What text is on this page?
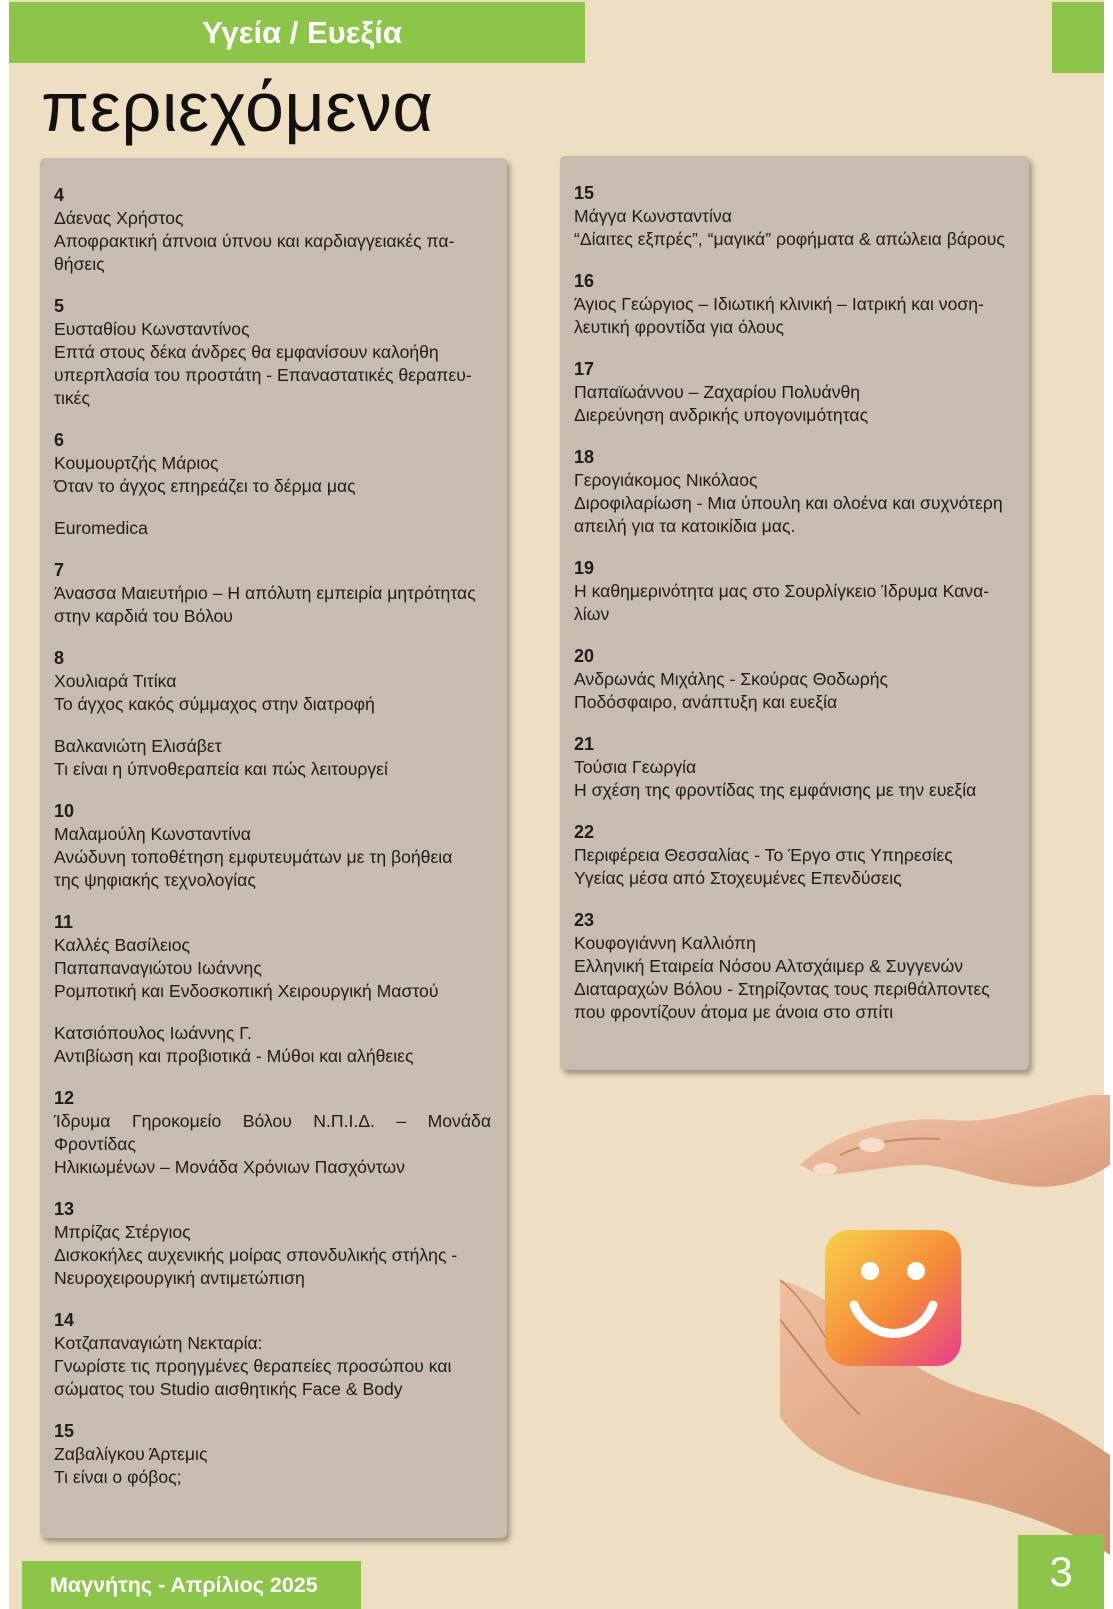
Υγεία / Ευεξία
περιεχόμενα
4
Δάενας Χρήστος
Αποφρακτική άπνοια ύπνου και καρδιαγγειακές πα-
θήσεις
5
Ευσταθίου Κωνσταντίνος
Επτά στους δέκα άνδρες θα εμφανίσουν καλοήθη
υπερπλασία του προστάτη - Επαναστατικές θεραπευ-
τικές
6
Κουμουρτζής Μάριος
Όταν το άγχος επηρεάζει το δέρμα μας
Euromedica
7
Άνασσα Μαιευτήριο – Η απόλυτη εμπειρία μητρότητας
στην καρδιά του Βόλου
8
Χουλιαρά Τιτίκα
Το άγχος κακός σύμμαχος στην διατροφή
Βαλκανιώτη Ελισάβετ
Τι είναι η ύπνοθεραπεία και πώς λειτουργεί
10
Μαλαμούλη Κωνσταντίνα
Ανώδυνη τοποθέτηση εμφυτευμάτων με τη βοήθεια
της ψηφιακής τεχνολογίας
11
Καλλές Βασίλειος
Παπαπαναγιώτου Ιωάννης
Ρομποτική και Ενδοσκοπική Χειρουργική Μαστού
Κατσιόπουλος Ιωάννης Γ.
Αντιβίωση και προβιοτικά - Μύθοι και αλήθειες
12
Ίδρυμα Γηροκομείο Βόλου Ν.Π.Ι.Δ. – Μονάδα Φροντίδας
Ηλικιωμένων – Μονάδα Χρόνιων Πασχόντων
13
Μπρίζας Στέργιος
Δισκοκήλες αυχενικής μοίρας σπονδυλικής στήλης -
Νευροχειρουργική αντιμετώπιση
14
Κοτζαπαναγιώτη Νεκταρία:
Γνωρίστε τις προηγμένες θεραπείες προσώπου και
σώματος του Studio αισθητικής Face & Body
15
Ζαβαλίγκου Άρτεμις
Τι είναι ο φόβος;
15
Μάγγα Κωνσταντίνα
“Δίαιτες εξπρές”, “μαγικά” ροφήματα & απώλεια βάρους
16
Άγιος Γεώργιος – Ιδιωτική κλινική – Ιατρική και νοση-
λευτική φροντίδα για όλους
17
Παπαϊωάννου – Ζαχαρίου Πολυάνθη
Διερεύνηση ανδρικής υπογονιμότητας
18
Γερογιάκομος Νικόλαος
Διροφιλαρίωση - Μια ύπουλη και ολοένα και συχνότερη
απειλή για τα κατοικίδια μας.
19
Η καθημερινότητα μας στο Σουρλίγκειο Ίδρυμα Κανα-
λίων
20
Ανδρωνάς Μιχάλης - Σκούρας Θοδωρής
Ποδόσφαιρο, ανάπτυξη και ευεξία
21
Τούσια Γεωργία
Η σχέση της φροντίδας της εμφάνισης με την ευεξία
22
Περιφέρεια Θεσσαλίας - Το Έργο στις Υπηρεσίες
Υγείας μέσα από Στοχευμένες Επενδύσεις
23
Κουφογιάννη Καλλιόπη
Ελληνική Εταιρεία Νόσου Αλτσχάιμερ & Συγγενών
Διαταραχών Βόλου - Στηρίζοντας τους περιθάλποντες
που φροντίζουν άτομα με άνοια στο σπίτι
Μαγνήτης - Απρίλιος 2025	3
